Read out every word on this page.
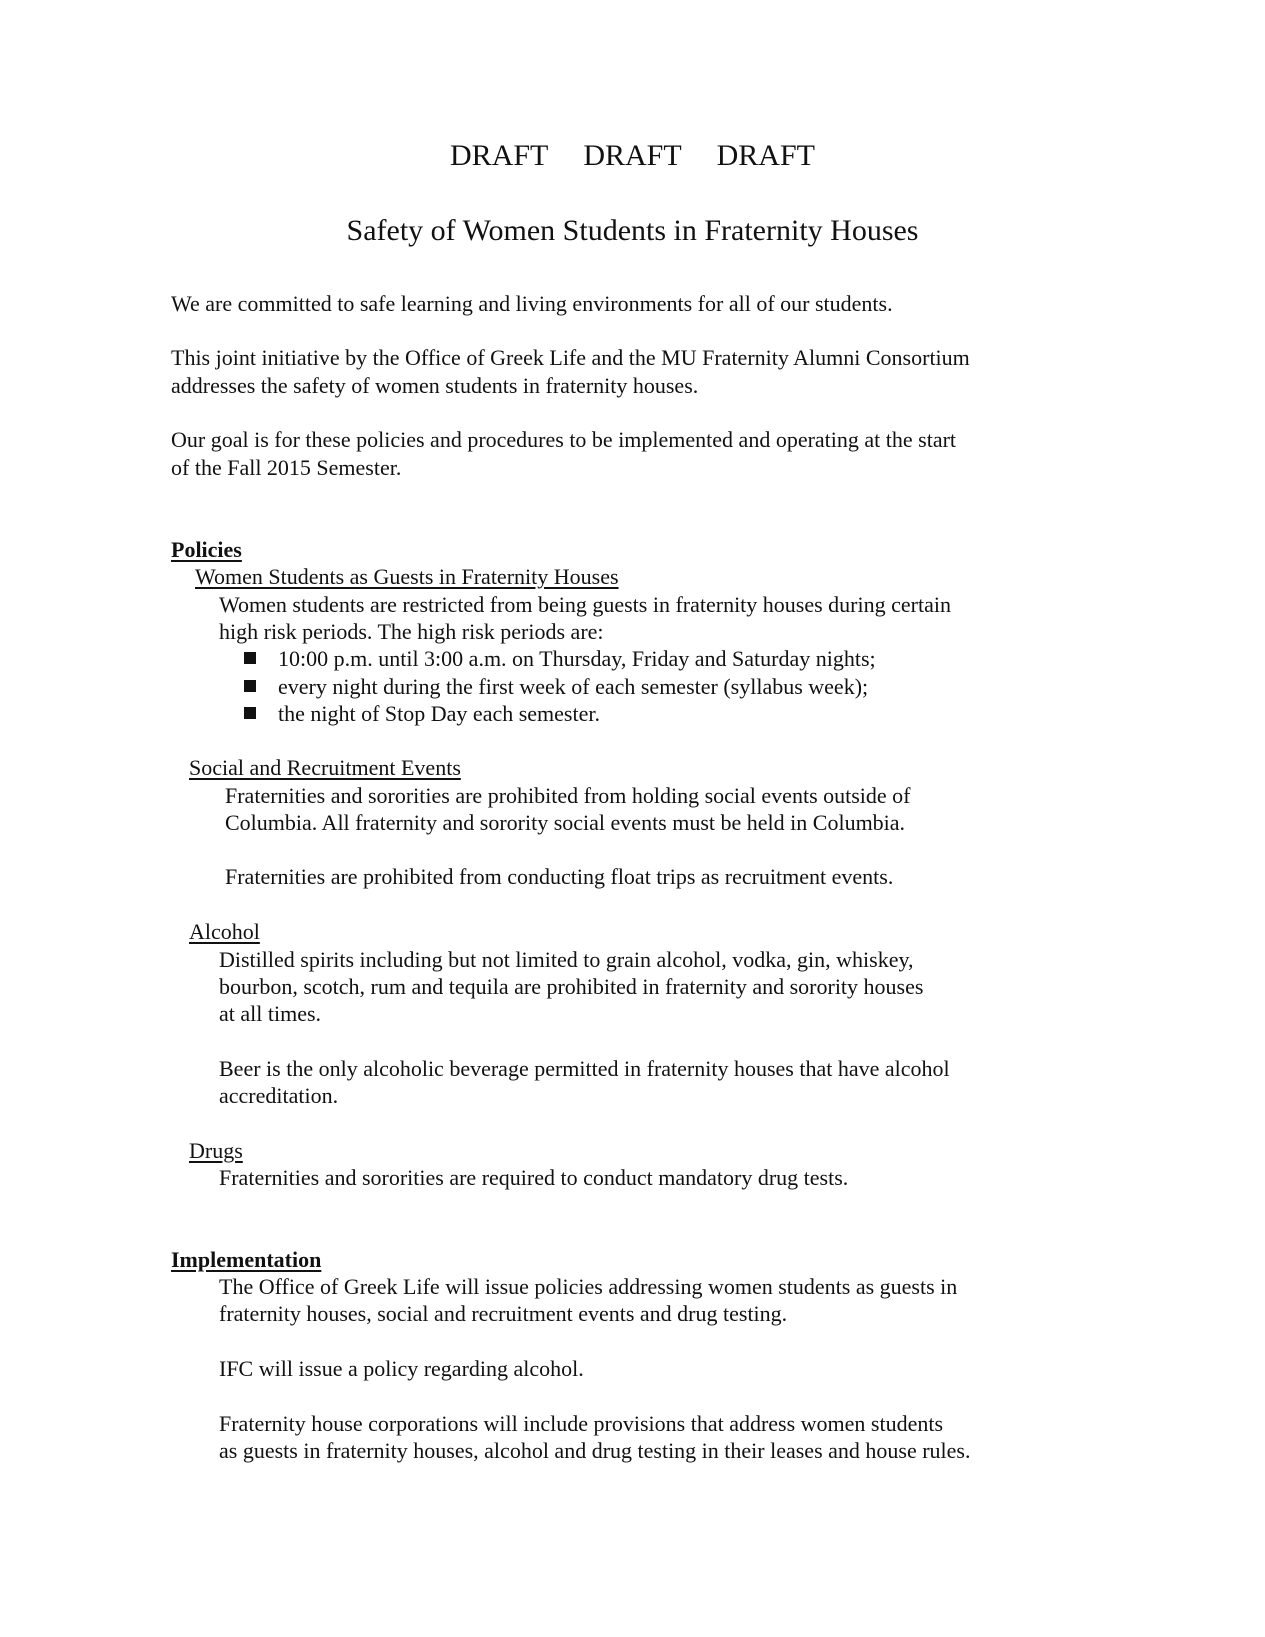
DRAFT DRAFT DRAFT
Safety of Women Students in Fraternity Houses
We are committed to safe learning and living environments for all of our students.
This joint initiative by the Office of Greek Life and the MU Fraternity Alumni Consortium
addresses the safety of women students in fraternity houses.
Our goal is for these policies and procedures to be implemented and operating at the start
of the Fall 2015 Semester.
Policies
Women Students as Guests in Fraternity Houses
Women students are restricted from being guests in fraternity houses during certain
high risk periods. The high risk periods are:
10:00 p.m. until 3:00 a.m. on Thursday, Friday and Saturday nights;
every night during the first week of each semester (syllabus week);
the night of Stop Day each semester.
Social and Recruitment Events
Fraternities and sororities are prohibited from holding social events outside of
Columbia. All fraternity and sorority social events must be held in Columbia.
Fraternities are prohibited from conducting float trips as recruitment events.
Alcohol
Distilled spirits including but not limited to grain alcohol, vodka, gin, whiskey,
bourbon, scotch, rum and tequila are prohibited in fraternity and sorority houses
at all times.
Beer is the only alcoholic beverage permitted in fraternity houses that have alcohol
accreditation.
Drugs
Fraternities and sororities are required to conduct mandatory drug tests.
Implementation
The Office of Greek Life will issue policies addressing women students as guests in
fraternity houses, social and recruitment events and drug testing.
IFC will issue a policy regarding alcohol.
Fraternity house corporations will include provisions that address women students
as guests in fraternity houses, alcohol and drug testing in their leases and house rules.
